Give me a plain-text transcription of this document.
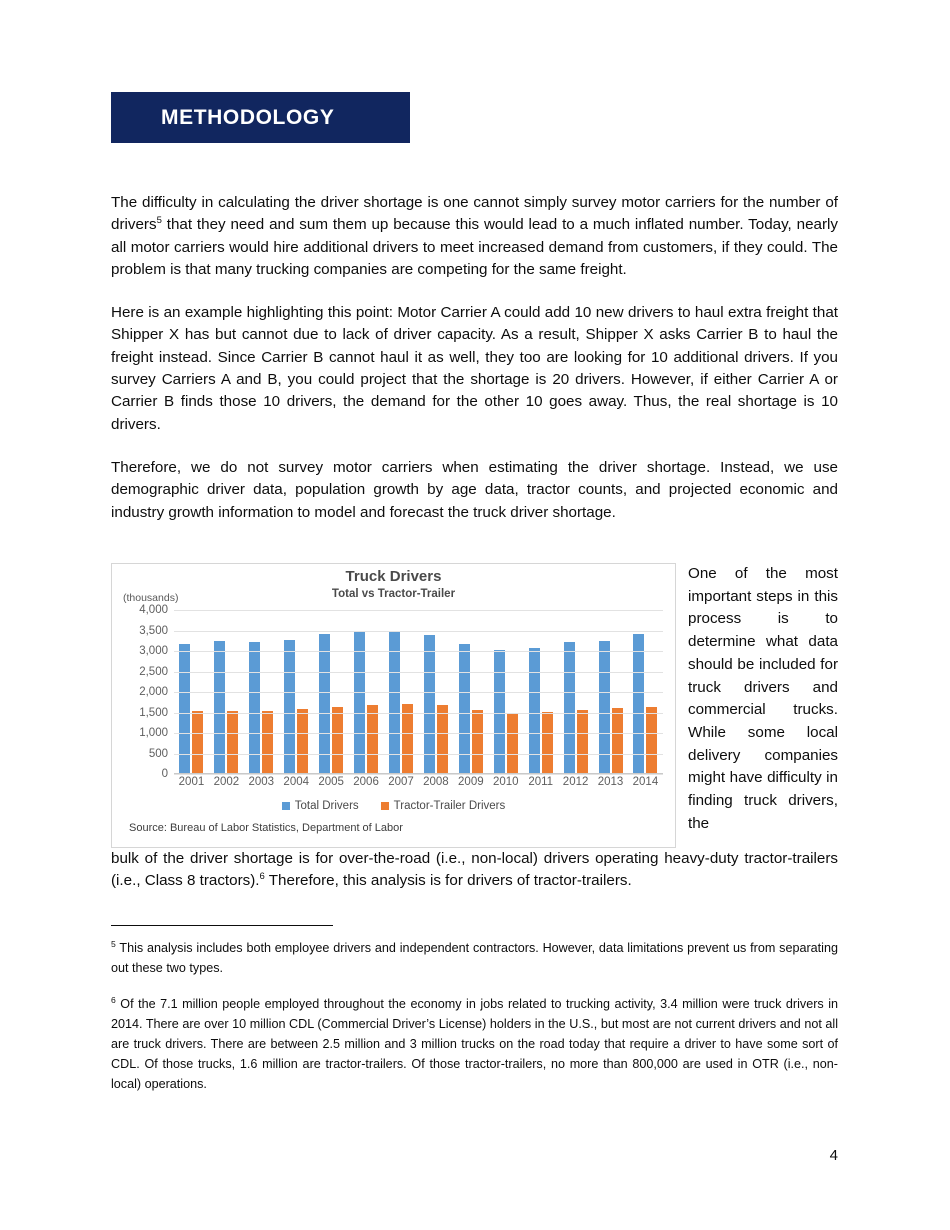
METHODOLOGY

The difficulty in calculating the driver shortage is one cannot simply survey motor carriers for the number of drivers$^5$ that they need and sum them up because this would lead to a much inflated number. Today, nearly all motor carriers would hire additional drivers to meet increased demand from customers, if they could. The problem is that many trucking companies are competing for the same freight.

Here is an example highlighting this point: Motor Carrier A could add 10 new drivers to haul extra freight that Shipper X has but cannot due to lack of driver capacity. As a result, Shipper X asks Carrier B to haul the freight instead. Since Carrier B cannot haul it as well, they too are looking for 10 additional drivers. If you survey Carriers A and B, you could project that the shortage is 20 drivers. However, if either Carrier A or Carrier B finds those 10 drivers, the demand for the other 10 goes away. Thus, the real shortage is 10 drivers.

Therefore, we do not survey motor carriers when estimating the driver shortage. Instead, we use demographic driver data, population growth by age data, tractor counts, and projected economic and industry growth information to model and forecast the truck driver shortage.

(thousands)
Truck Drivers
Total vs Tractor-Trailer
4,000
3,500
3,000
2,500
2,000
1,500
1,000
500
0
2001 2002 2003 2004 2005 2006 2007 2008 2009 2010 2011 2012 2013 2014
Total Drivers	Tractor-Trailer Drivers
Source: Bureau of Labor Statistics, Department of Labor

One of the most important steps in this process is to determine what data should be included for truck drivers and commercial trucks. While some local delivery companies might have difficulty in finding truck drivers, the

bulk of the driver shortage is for over-the-road (i.e., non-local) drivers operating heavy-duty tractor-trailers (i.e., Class 8 tractors).$^6$ Therefore, this analysis is for drivers of tractor-trailers.

$^5$ This analysis includes both employee drivers and independent contractors. However, data limitations prevent us from separating out these two types.

$^6$ Of the 7.1 million people employed throughout the economy in jobs related to trucking activity, 3.4 million were truck drivers in 2014. There are over 10 million CDL (Commercial Driver’s License) holders in the U.S., but most are not current drivers and not all are truck drivers. There are between 2.5 million and 3 million trucks on the road today that require a driver to have some sort of CDL. Of those trucks, 1.6 million are tractor-trailers. Of those tractor-trailers, no more than 800,000 are used in OTR (i.e., non-local) operations.

4
